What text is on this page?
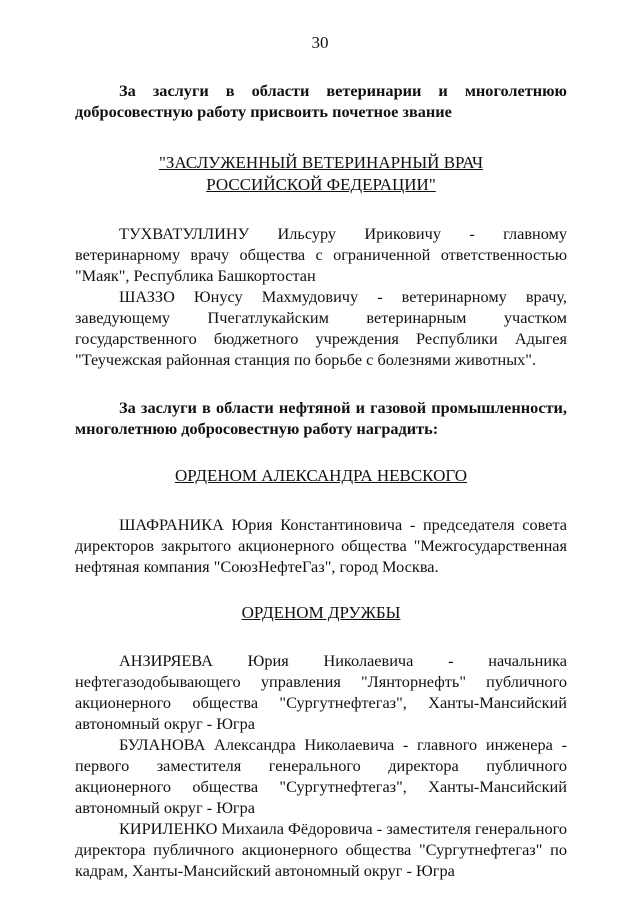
30

За заслуги в области ветеринарии и многолетнюю добросовестную работу присвоить почетное звание

"ЗАСЛУЖЕННЫЙ ВЕТЕРИНАРНЫЙ ВРАЧ
РОССИЙСКОЙ ФЕДЕРАЦИИ"

ТУХВАТУЛЛИНУ Ильсуру Ириковичу - главному ветеринарному врачу общества с ограниченной ответственностью "Маяк", Республика Башкортостан

ШАЗЗО Юнусу Махмудовичу - ветеринарному врачу, заведующему Пчегатлукайским ветеринарным участком государственного бюджетного учреждения Республики Адыгея "Теучежская районная станция по борьбе с болезнями животных".

За заслуги в области нефтяной и газовой промышленности, многолетнюю добросовестную работу наградить:

ОРДЕНОМ АЛЕКСАНДРА НЕВСКОГО

ШАФРАНИКА Юрия Константиновича - председателя совета директоров закрытого акционерного общества "Межгосударственная нефтяная компания "СоюзНефтеГаз", город Москва.

ОРДЕНОМ ДРУЖБЫ

АНЗИРЯЕВА Юрия Николаевича - начальника нефтегазодобывающего управления "Лянторнефть" публичного акционерного общества "Сургутнефтегаз", Ханты-Мансийский автономный округ - Югра

БУЛАНОВА Александра Николаевича - главного инженера - первого заместителя генерального директора публичного акционерного общества "Сургутнефтегаз", Ханты-Мансийский автономный округ - Югра

КИРИЛЕНКО Михаила Фёдоровича - заместителя генерального директора публичного акционерного общества "Сургутнефтегаз" по кадрам, Ханты-Мансийский автономный округ - Югра
